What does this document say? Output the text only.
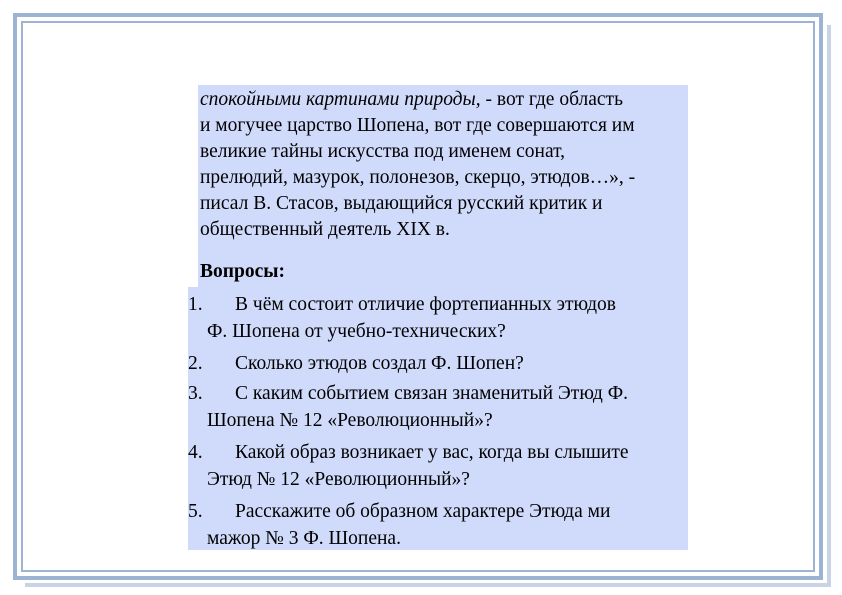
спокойными картинами природы, - вот где область
и могучее царство Шопена, вот где совершаются им
великие тайны искусства под именем сонат,
прелюдий, мазурок, полонезов, скерцо, этюдов…», -
писал В. Стасов, выдающийся русский критик и
общественный деятель XIX в.
Вопросы:
1. В чём состоит отличие фортепианных этюдов
Ф. Шопена от учебно-технических?
2. Сколько этюдов создал Ф. Шопен?
3. С каким событием связан знаменитый Этюд Ф.
Шопена № 12 «Революционный»?
4. Какой образ возникает у вас, когда вы слышите
Этюд № 12 «Революционный»?
5. Расскажите об образном характере Этюда ми
мажор № 3 Ф. Шопена.
